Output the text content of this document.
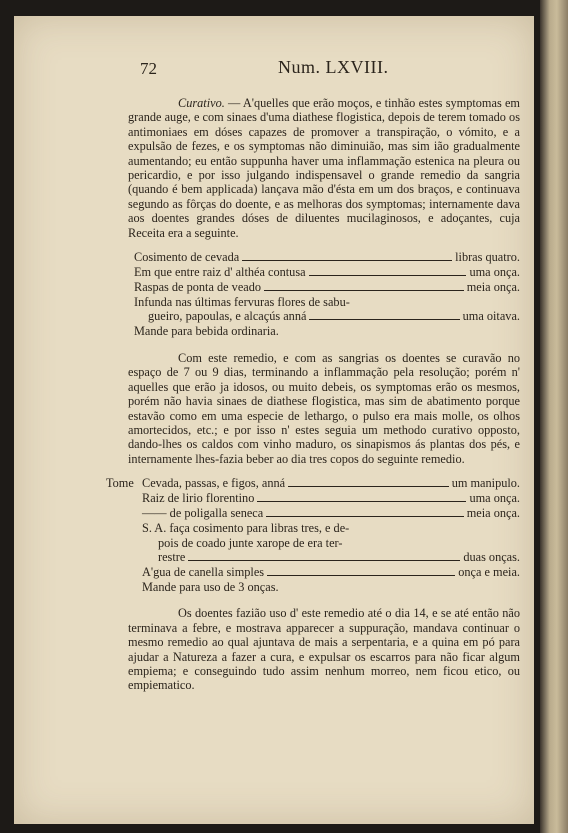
72	Num. LXVIII.

Curativo. — A'quelles que erão moços, e tinhão estes symptomas em grande auge, e com sinaes d'uma diathese flogistica, depois de terem tomado os antimoniaes em dóses capazes de promover a transpiração, o vómito, e a expulsão de fezes, e os symptomas não diminuião, mas sim ião gradualmente aumentando; eu então suppunha haver uma inflammação estenica na pleura ou pericardio, e por isso julgando indispensavel o grande remedio da sangria (quando é bem applicada) lançava mão d'ésta em um dos braços, e continuava segundo as fôrças do doente, e as melhoras dos symptomas; internamente dava aos doentes grandes dóses de diluentes mucilaginosos, e adoçantes, cuja Receita era a seguinte.

Cosimento de cevada	libras quatro.
Em que entre raiz d' althéa contusa	uma onça.
Raspas de ponta de veado	meia onça.
Infunda nas últimas fervuras flores de sabu-
gueiro, papoulas, e alcaçús anná	uma oitava.
Mande para bebida ordinaria.

Com este remedio, e com as sangrias os doentes se curavão no espaço de 7 ou 9 dias, terminando a inflammação pela resolução; porém n' aquelles que erão ja idosos, ou muito debeis, os symptomas erão os mesmos, porém não havia sinaes de diathese flogistica, mas sim de abatimento porque estavão como em uma especie de lethargo, o pulso era mais molle, os olhos amortecidos, etc.; e por isso n' estes seguia um methodo curativo opposto, dando-lhes os caldos com vinho maduro, os sinapismos ás plantas dos pés, e internamente lhes-fazia beber ao dia tres copos do seguinte remedio.

Tome Cevada, passas, e figos, anná	um manipulo.
Raiz de lirio florentino	uma onça.
—— de poligalla seneca	meia onça.
S. A. faça cosimento para libras tres, e de-
pois de coado junte xarope de era ter-
restre	duas onças.
A'gua de canella simples	onça e meia.
Mande para uso de 3 onças.

Os doentes fazião uso d' este remedio até o dia 14, e se até então não terminava a febre, e mostrava apparecer a suppuração, mandava continuar o mesmo remedio ao qual ajuntava de mais a serpentaria, e a quina em pó para ajudar a Natureza a fazer a cura, e expulsar os escarros para não ficar algum empiema; e conseguindo tudo assim nenhum morreo, nem ficou etico, ou empiematico.
